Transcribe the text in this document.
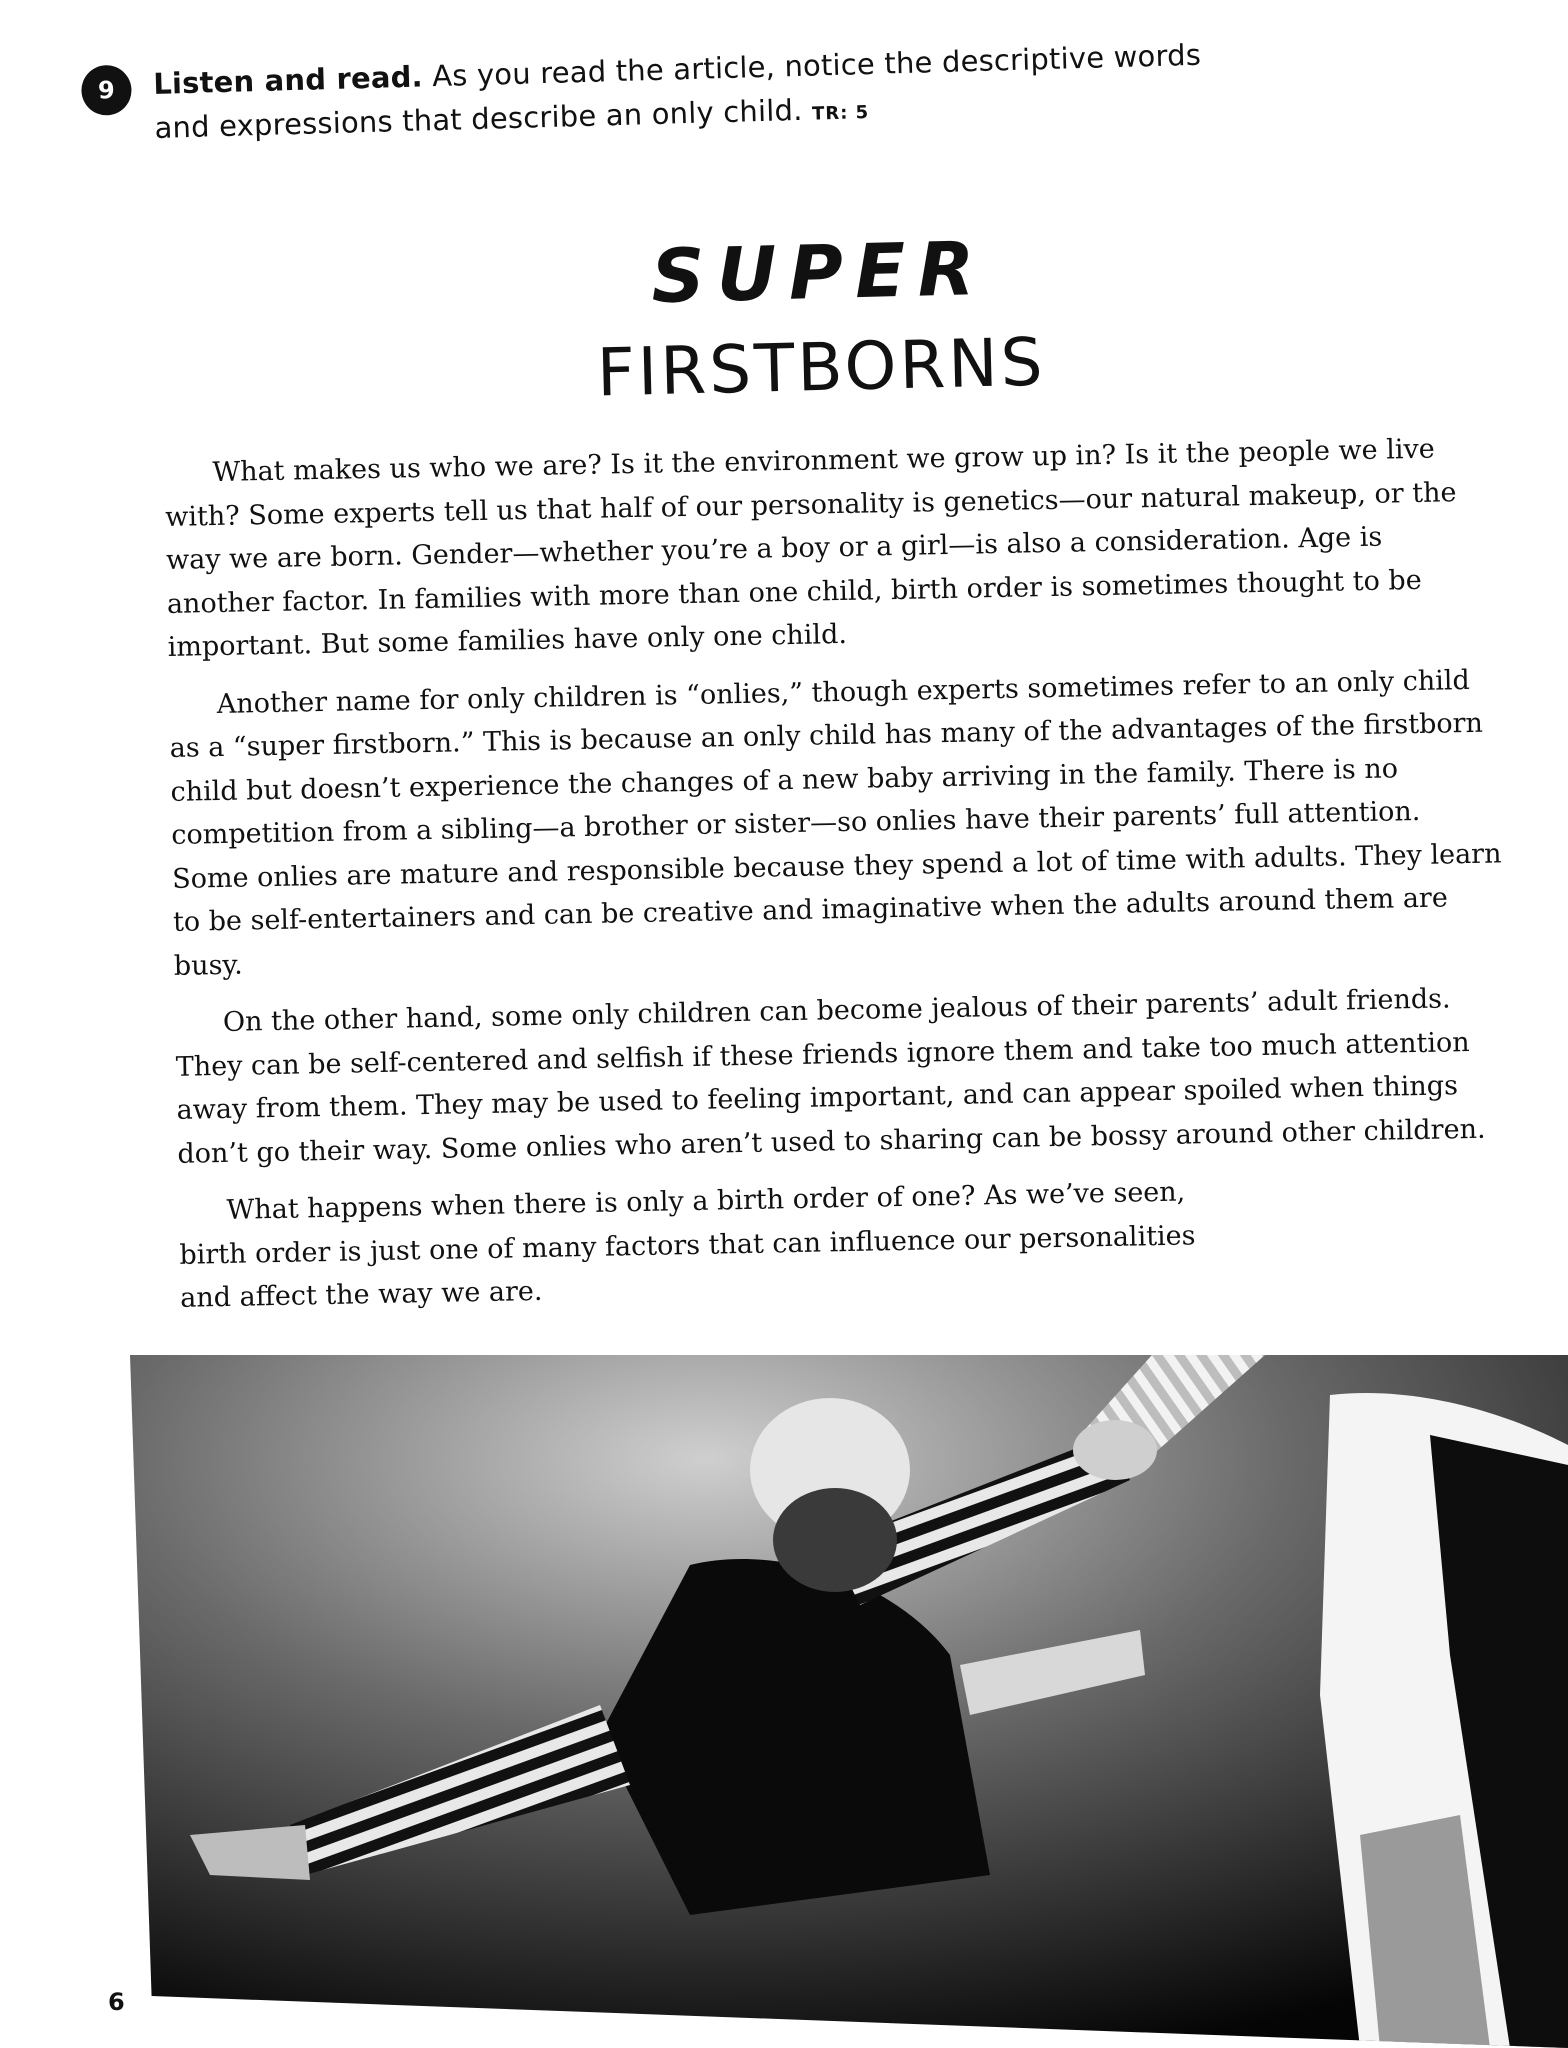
9	Listen and read. As you read the article, notice the descriptive words and expressions that describe an only child. TR: 5
SUPER
FIRSTBORNS

What makes us who we are? Is it the environment we grow up in? Is it the people we live with? Some experts tell us that half of our personality is genetics—our natural makeup, or the way we are born. Gender—whether you’re a boy or a girl—is also a consideration. Age is another factor. In families with more than one child, birth order is sometimes thought to be important. But some families have only one child.

Another name for only children is “onlies,” though experts sometimes refer to an only child as a “super firstborn.” This is because an only child has many of the advantages of the firstborn child but doesn’t experience the changes of a new baby arriving in the family. There is no competition from a sibling—a brother or sister—so onlies have their parents’ full attention. Some onlies are mature and responsible because they spend a lot of time with adults. They learn to be self-entertainers and can be creative and imaginative when the adults around them are busy.

On the other hand, some only children can become jealous of their parents’ adult friends. They can be self-centered and selfish if these friends ignore them and take too much attention away from them. They may be used to feeling important, and can appear spoiled when things don’t go their way. Some onlies who aren’t used to sharing can be bossy around other children.

What happens when there is only a birth order of one? As we’ve seen, birth order is just one of many factors that can influence our personalities and affect the way we are.

6
